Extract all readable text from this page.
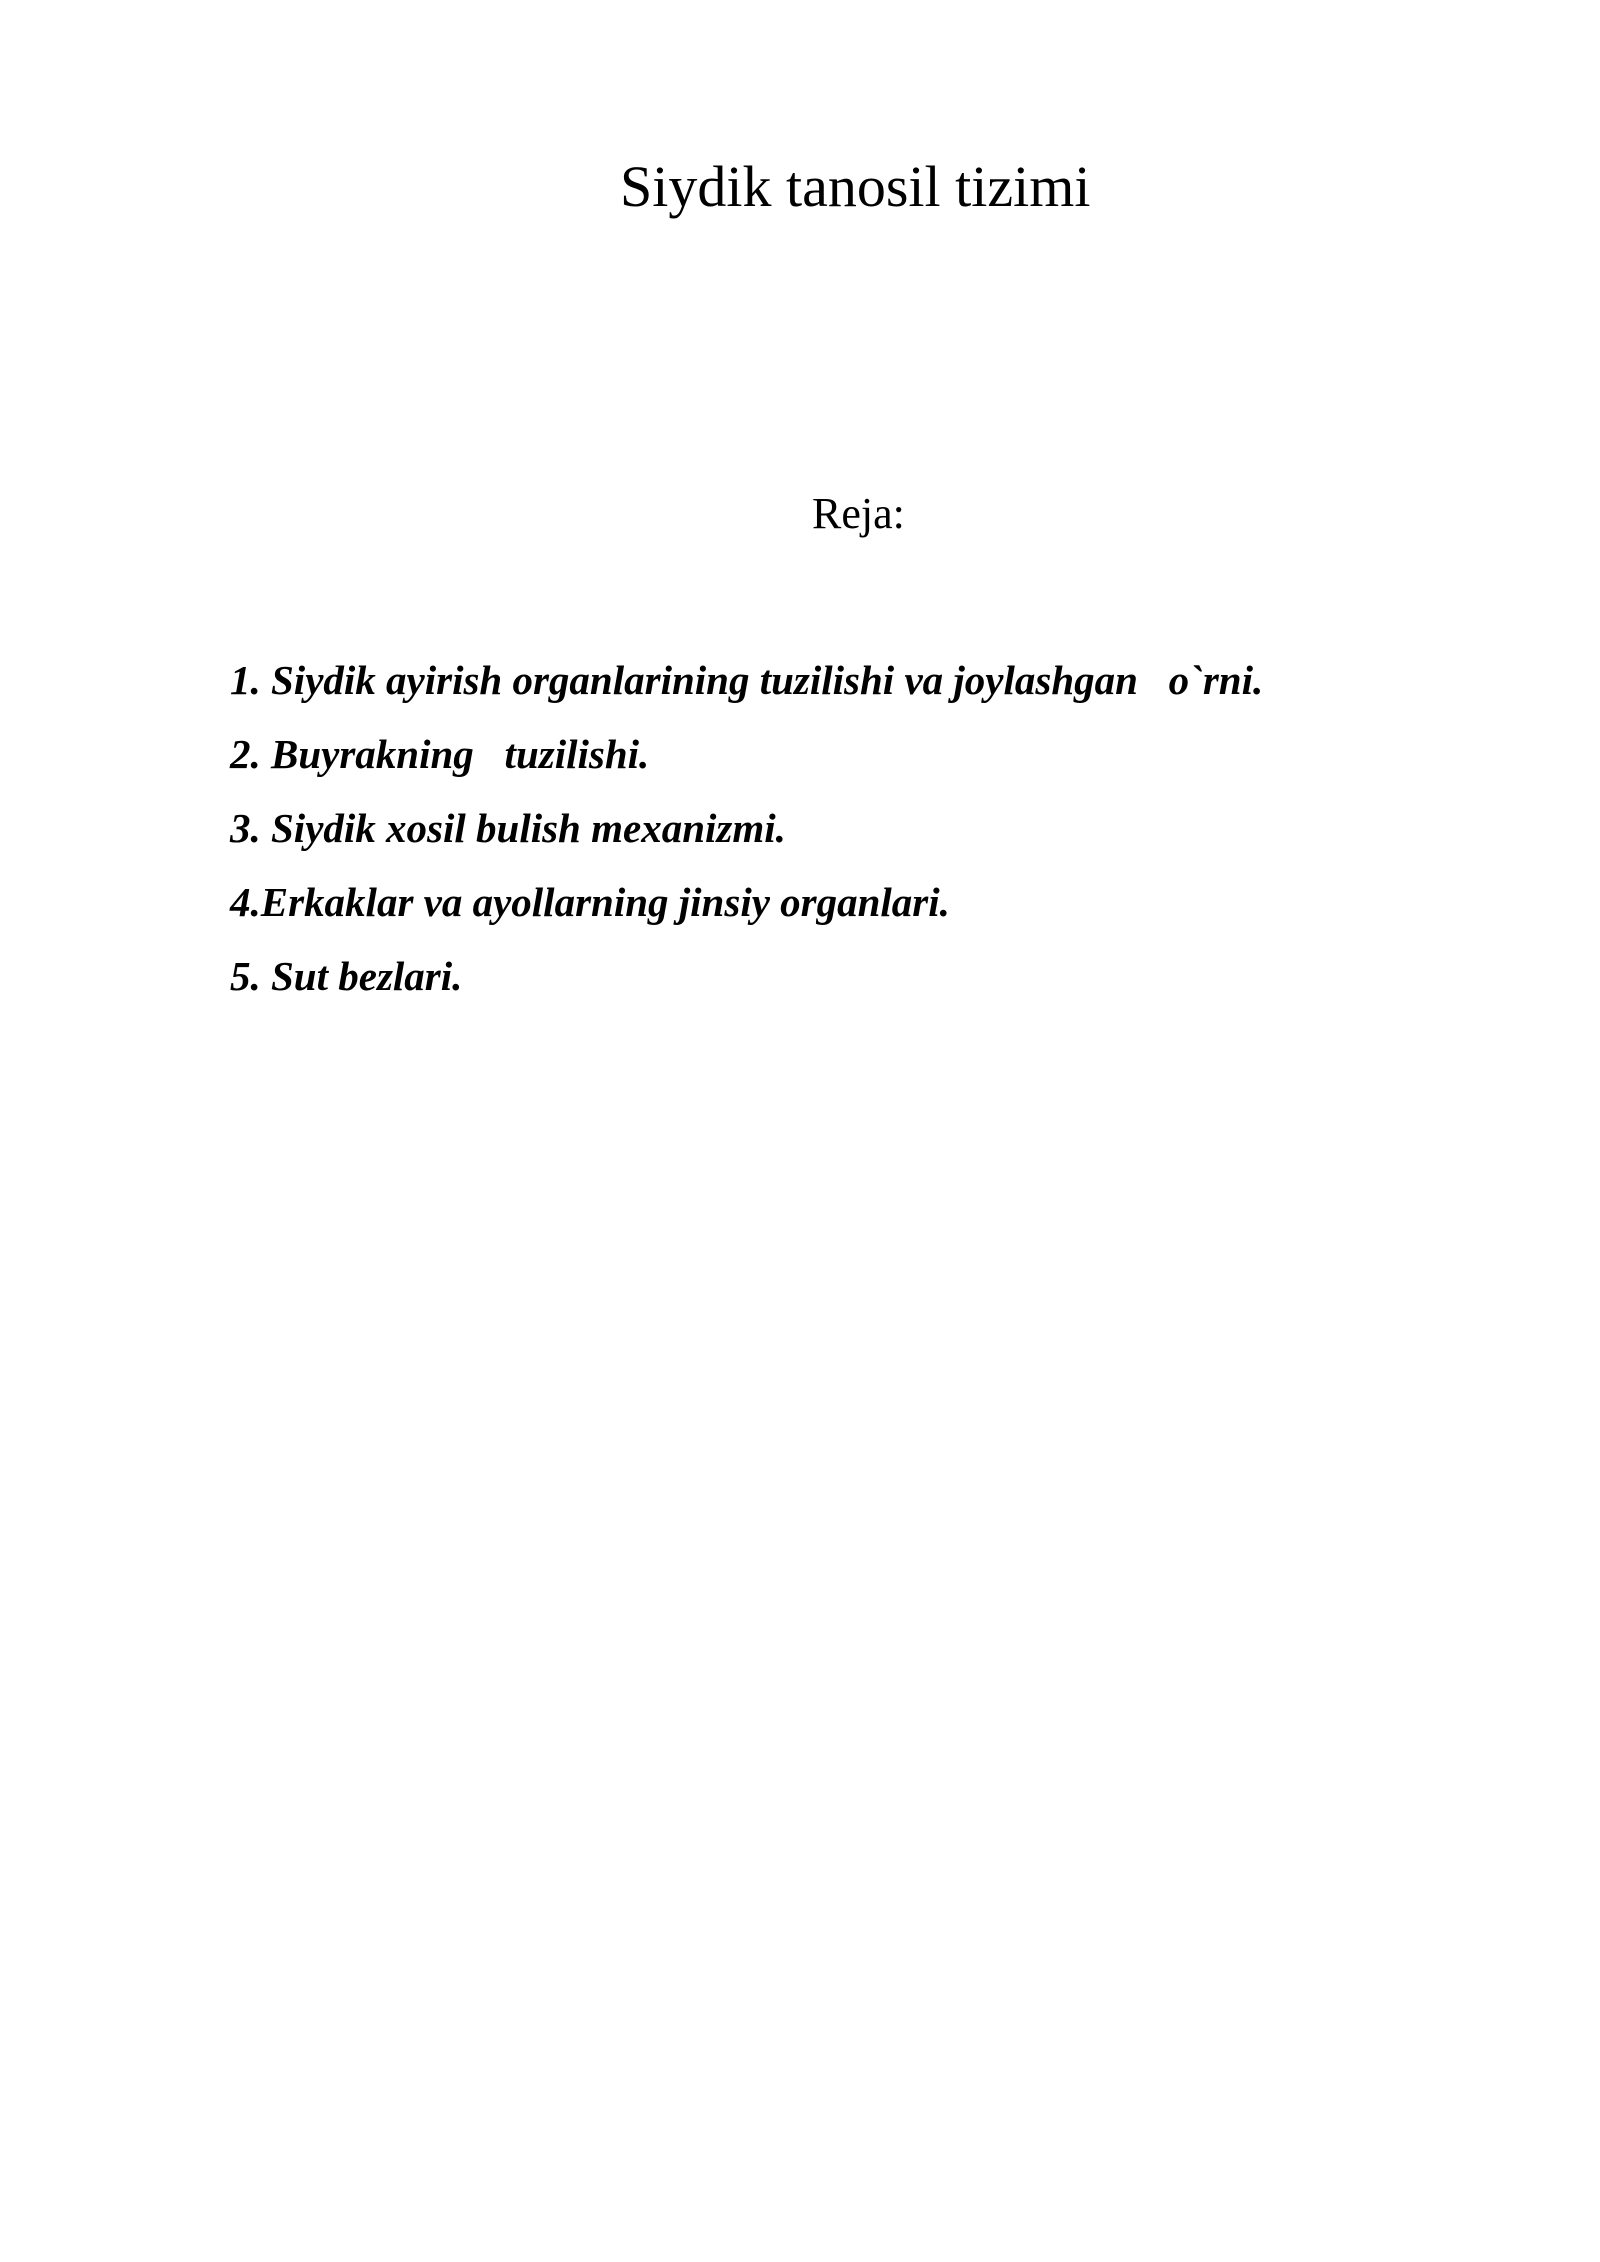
Siydik tanosil tizimi
Reja:
1. Siydik ayirish organlarining tuzilishi va joylashgan   o`rni.
2. Buyrakning   tuzilishi.
3. Siydik xosil bulish mexanizmi.
4.Erkaklar va ayollarning jinsiy organlari.
5. Sut bezlari.
